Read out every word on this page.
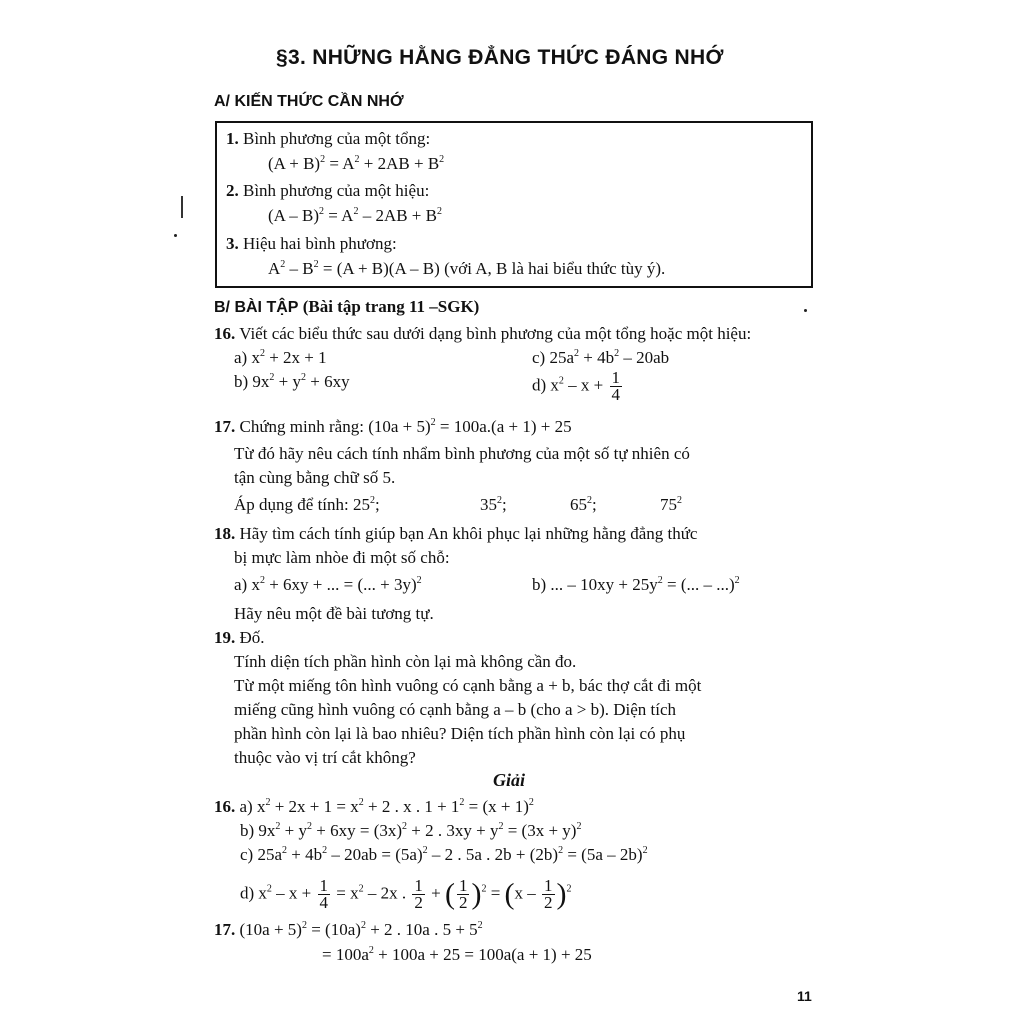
§3. NHỮNG HẰNG ĐẲNG THỨC ĐÁNG NHỚ
A/ KIẾN THỨC CẦN NHỚ
1. Bình phương của một tổng:
$(A + B)^2 = A^2 + 2AB + B^2$
2. Bình phương của một hiệu:
$(A - B)^2 = A^2 - 2AB + B^2$
3. Hiệu hai bình phương:
$A^2 - B^2 = (A + B)(A - B)$ (với A, B là hai biểu thức tùy ý).
B/ BÀI TẬP (Bài tập trang 11 –SGK)
16. Viết các biểu thức sau dưới dạng bình phương của một tổng hoặc một hiệu:
a) $x^2 + 2x + 1$	c) $25a^2 + 4b^2 - 20ab$
b) $9x^2 + y^2 + 6xy$	d) $x^2 - x + \frac{1}{4}$
17. Chứng minh rằng: $(10a + 5)^2 = 100a.(a + 1) + 25$
Từ đó hãy nêu cách tính nhẩm bình phương của một số tự nhiên có
tận cùng bằng chữ số 5.
Áp dụng để tính: $25^2$;	$35^2$;	$65^2$;	$75^2$
18. Hãy tìm cách tính giúp bạn An khôi phục lại những hằng đẳng thức
bị mực làm nhòe đi một số chỗ:
a) $x^2 + 6xy$ + ... = (... + 3y)$^2$	b) ... – $10xy + 25y^2$ = (... – ...)$^2$
Hãy nêu một đề bài tương tự.
19. Đố.
Tính diện tích phần hình còn lại mà không cần đo.
Từ một miếng tôn hình vuông có cạnh bằng a + b, bác thợ cắt đi một
miếng cũng hình vuông có cạnh bằng a – b (cho a > b). Diện tích
phần hình còn lại là bao nhiêu? Diện tích phần hình còn lại có phụ
thuộc vào vị trí cắt không?
Giải
16. a) $x^2 + 2x + 1 = x^2 + 2$ . x . $1 + 1^2 = (x + 1)^2$
b) $9x^2 + y^2 + 6xy = (3x)^2 + 2$ . $3xy + y^2 = (3x + y)^2$
c) $25a^2 + 4b^2 - 20ab = (5a)^2 - 2$ . 5a . $2b + (2b)^2 = (5a - 2b)^2$
d) $x^2 - x + \frac{1}{4} = x^2 - 2x$ . $\frac{1}{2}$ + ( $\frac{1}{2} )^2 = (x - \frac{1}{2} )^2$
17. $(10a + 5)^2 = (10a)^2 + 2$ . 10a . $5 + 5^2$
= $100a^2 + 100a + 25 = 100a(a + 1) + 25$
11
